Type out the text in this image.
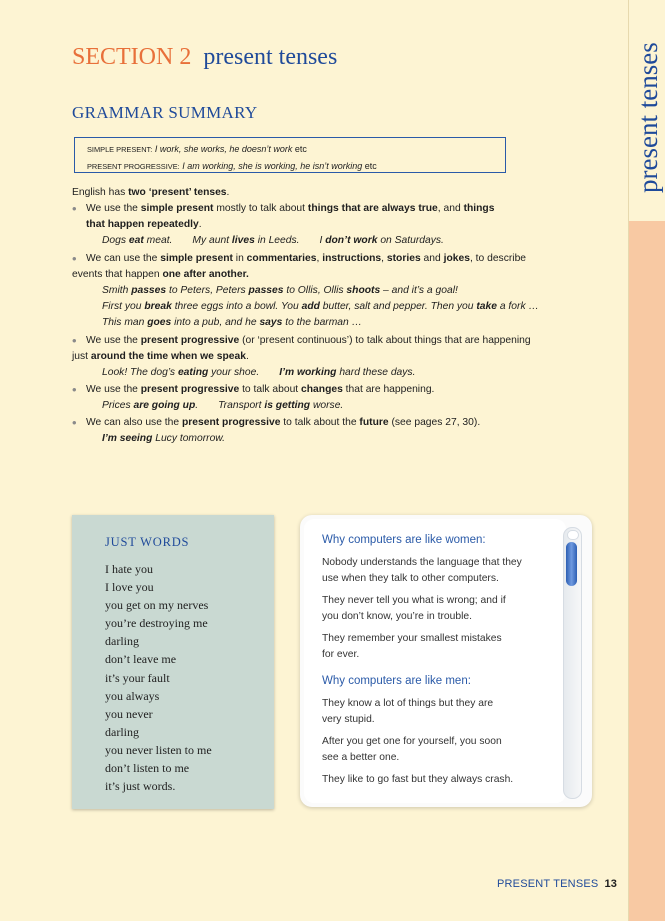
present tenses
SECTION 2 present tenses
GRAMMAR SUMMARY
SIMPLE PRESENT: I work, she works, he doesn’t work etc
PRESENT PROGRESSIVE: I am working, she is working, he isn’t working etc

English has two ‘present’ tenses.

• We use the simple present mostly to talk about things that are always true, and things
that happen repeatedly.
Dogs eat meat. My aunt lives in Leeds. I don’t work on Saturdays.
• We can use the simple present in commentaries, instructions, stories and jokes, to describe
events that happen one after another.
Smith passes to Peters, Peters passes to Ollis, Ollis shoots – and it’s a goal!
First you break three eggs into a bowl. You add butter, salt and pepper. Then you take a fork …
This man goes into a pub, and he says to the barman …
• We use the present progressive (or ‘present continuous’) to talk about things that are happening
just around the time when we speak.
Look! The dog’s eating your shoe. I’m working hard these days.
• We use the present progressive to talk about changes that are happening.
Prices are going up. Transport is getting worse.
• We can also use the present progressive to talk about the future (see pages 27, 30).
I’m seeing Lucy tomorrow.
JUST WORDS
I hate you
I love you
you get on my nerves
you’re destroying me
darling
don’t leave me
it’s your fault
you always
you never
darling
you never listen to me
don’t listen to me
it’s just words.
Why computers are like women:

Nobody understands the language that they
use when they talk to other computers.

They never tell you what is wrong; and if
you don’t know, you’re in trouble.

They remember your smallest mistakes
for ever.

Why computers are like men:

They know a lot of things but they are
very stupid.

After you get one for yourself, you soon
see a better one.

They like to go fast but they always crash.

PRESENT TENSES 13
